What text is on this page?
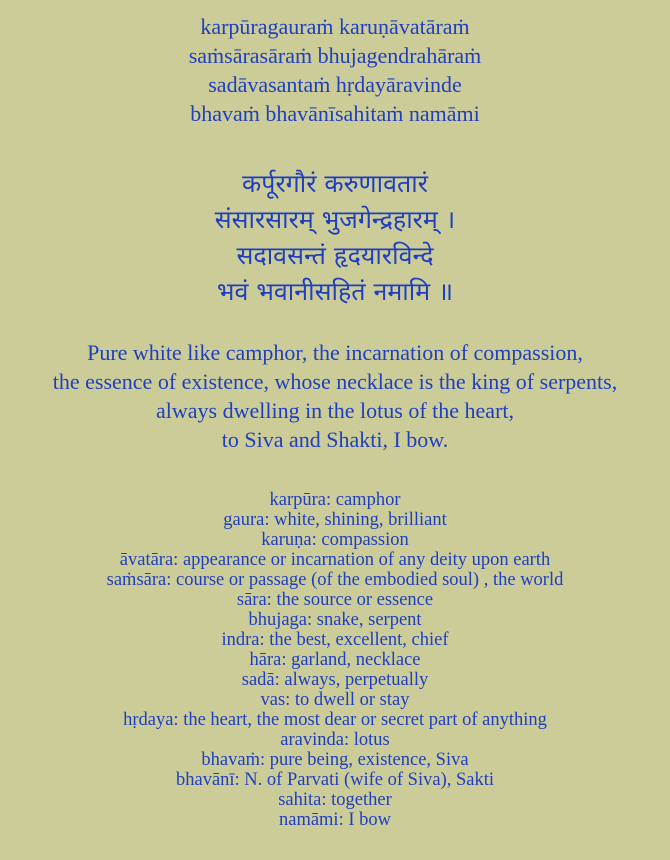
karpūragauraṁ karuṇāvatāraṁ
saṁsārasāraṁ bhujagendrahāraṁ
sadāvasantaṁ hṛdayāravinde
bhavaṁ bhavānīsahitaṁ namāmi
कर्पूरगौरं करुणावतारं
संसारसारम् भुजगेन्द्रहारम् ।
सदावसन्तं हृदयारविन्दे
भवं भवानीसहितं नमामि ॥
Pure white like camphor, the incarnation of compassion,
the essence of existence, whose necklace is the king of serpents,
always dwelling in the lotus of the heart,
to Siva and Shakti, I bow.
karpūra: camphor
gaura: white, shining, brilliant
karuṇa: compassion
āvatāra: appearance or incarnation of any deity upon earth
saṁsāra: course or passage (of the embodied soul) , the world
sāra: the source or essence
bhujaga: snake, serpent
indra: the best, excellent, chief
hāra: garland, necklace
sadā: always, perpetually
vas: to dwell or stay
hṛdaya: the heart, the most dear or secret part of anything
aravinda: lotus
bhavaṁ: pure being, existence, Siva
bhavānī: N. of Parvati (wife of Siva), Sakti
sahita: together
namāmi: I bow
